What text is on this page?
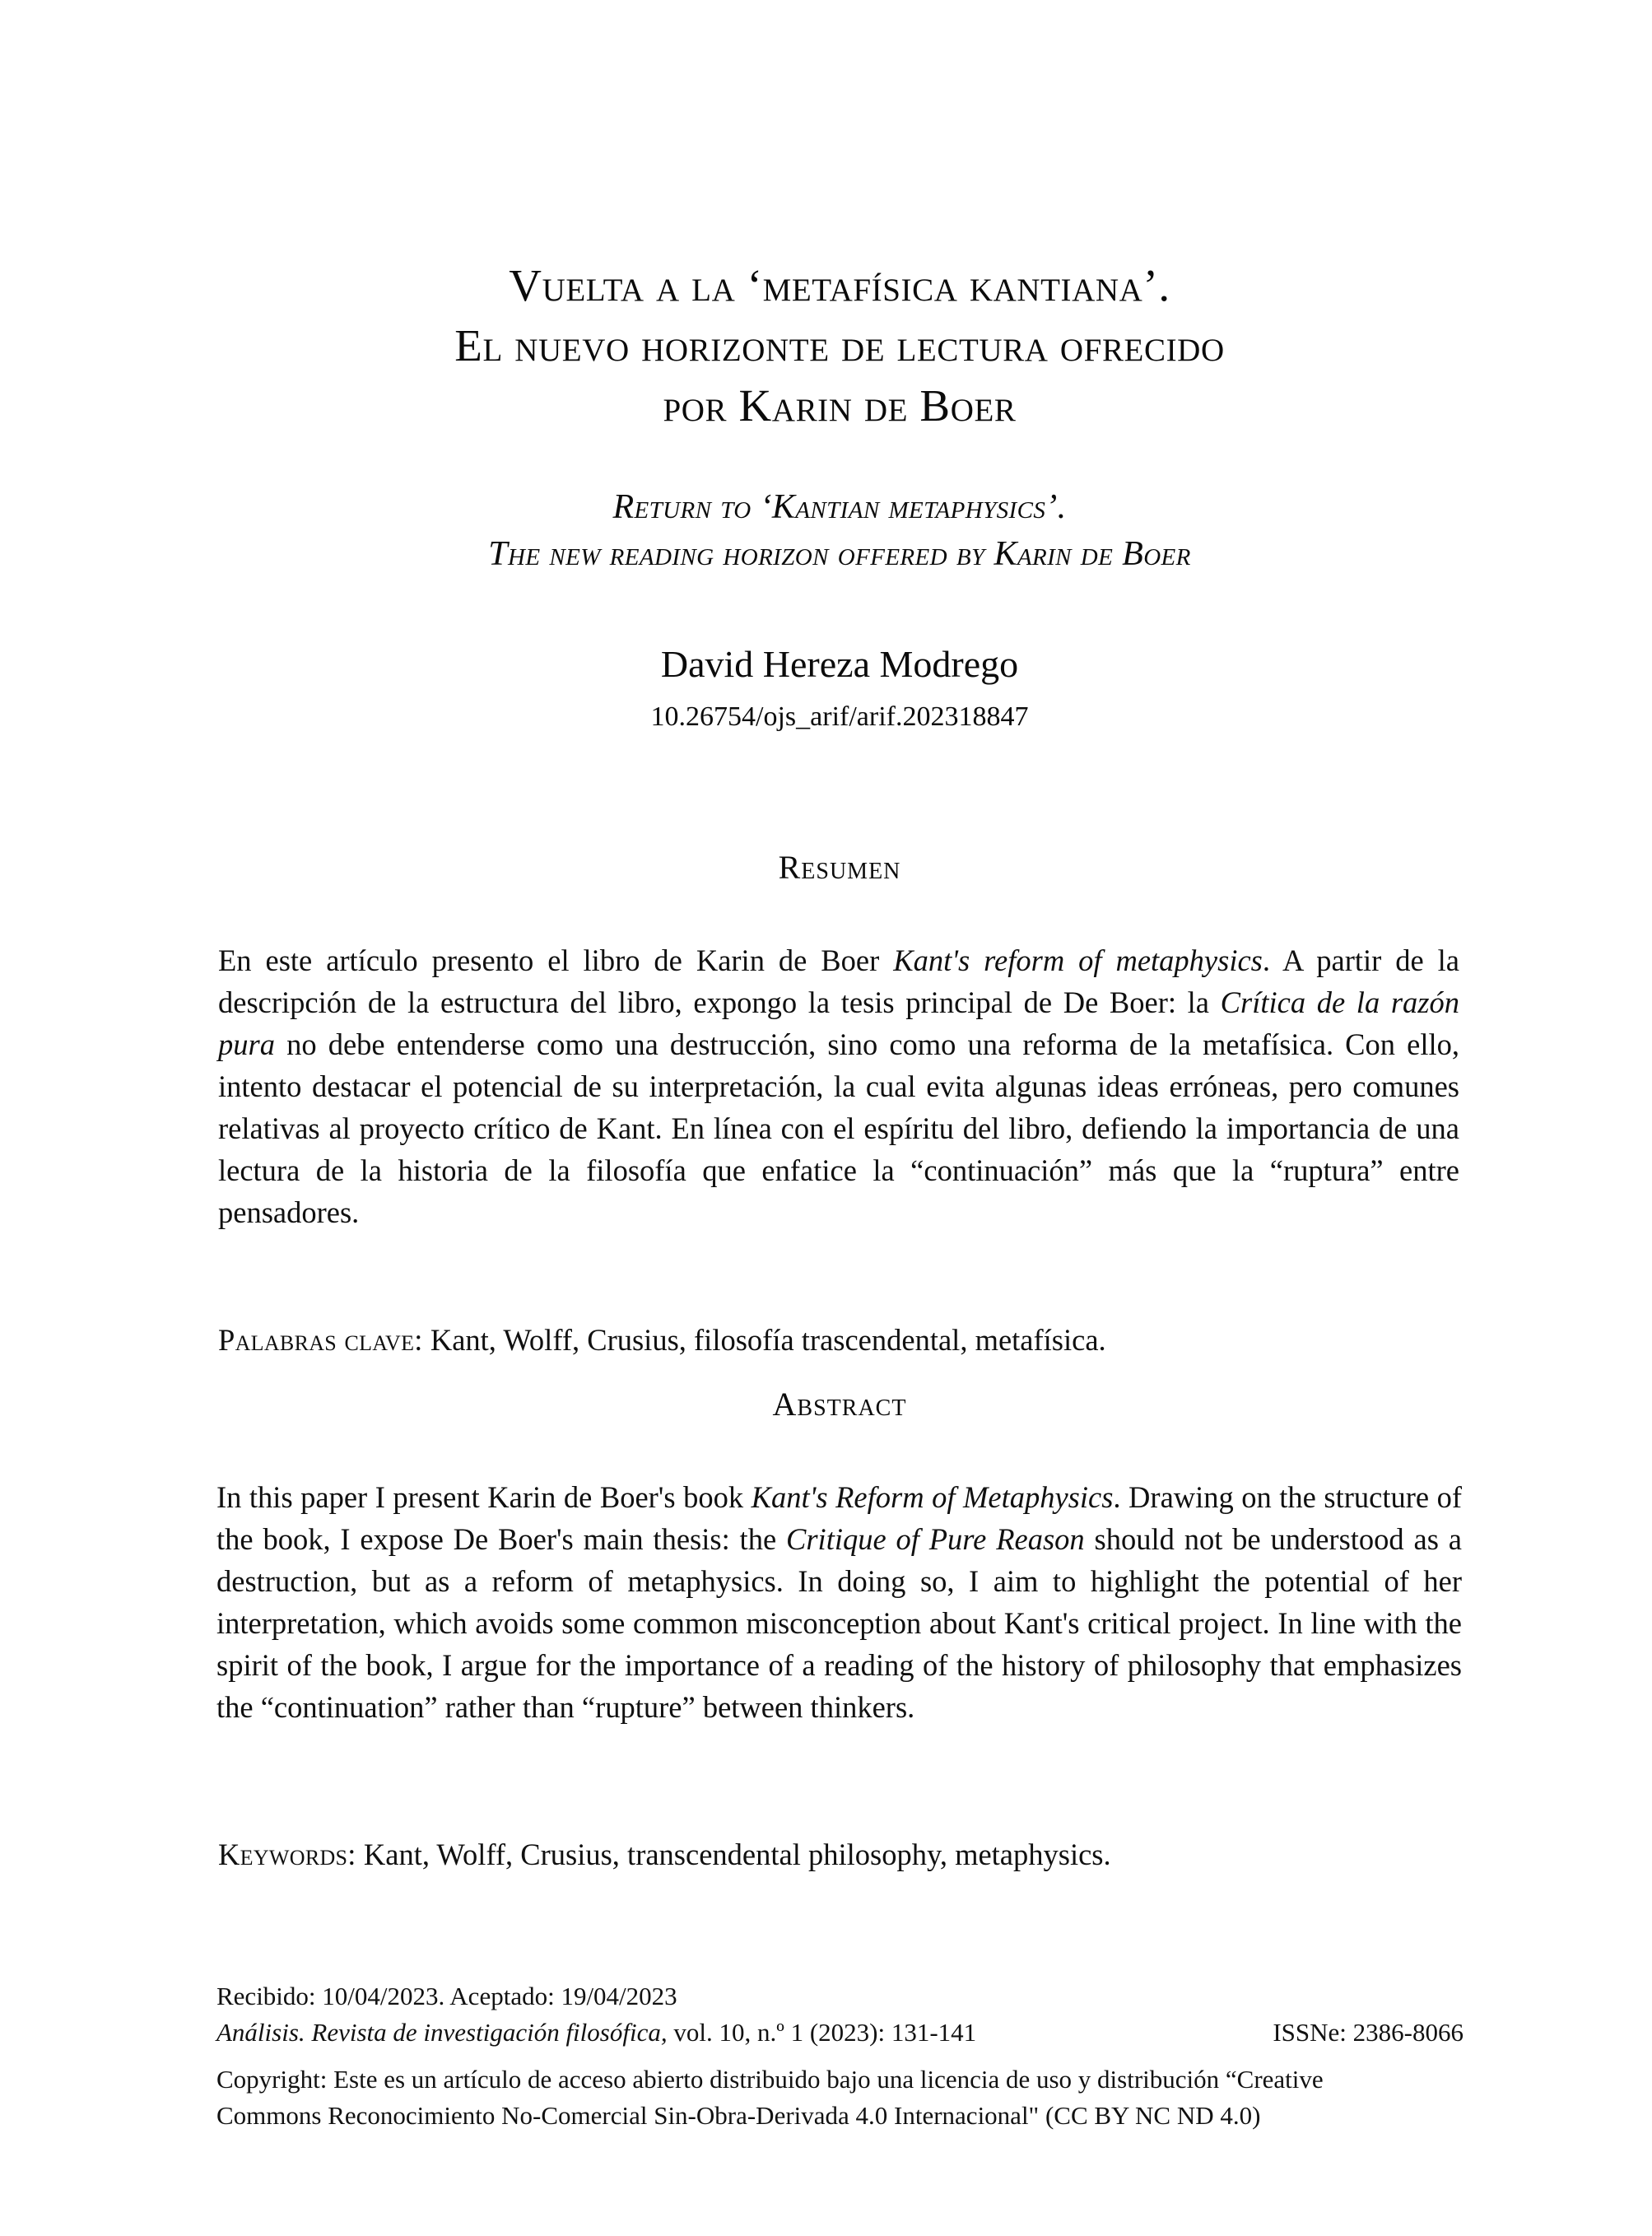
Vuelta a la ‘metafísica kantiana’.
El nuevo horizonte de lectura ofrecido
por Karin de Boer
Return to ‘Kantian metaphysics’.
The new reading horizon offered by Karin de Boer
David Hereza Modrego
10.26754/ojs_arif/arif.202318847
Resumen

En este artículo presento el libro de Karin de Boer Kant's reform of metaphysics. A partir de la descripción de la estructura del libro, expongo la tesis principal de De Boer: la Crítica de la razón pura no debe entenderse como una destrucción, sino como una reforma de la metafísica. Con ello, intento destacar el potencial de su interpretación, la cual evita algunas ideas erróneas, pero comunes relativas al proyecto crítico de Kant. En línea con el espíritu del libro, defiendo la importancia de una lectura de la historia de la filosofía que enfatice la “continuación” más que la “ruptura” entre pensadores.

Palabras clave: Kant, Wolff, Crusius, filosofía trascendental, metafísica.

Abstract

In this paper I present Karin de Boer's book Kant's Reform of Metaphysics. Drawing on the structure of the book, I expose De Boer's main thesis: the Critique of Pure Reason should not be understood as a destruction, but as a reform of metaphysics. In doing so, I aim to highlight the potential of her interpretation, which avoids some common misconception about Kant's critical project. In line with the spirit of the book, I argue for the importance of a reading of the history of philosophy that emphasizes the “continuation” rather than “rupture” between thinkers.

Keywords: Kant, Wolff, Crusius, transcendental philosophy, metaphysics.

Recibido: 10/04/2023. Aceptado: 19/04/2023
Análisis. Revista de investigación filosófica, vol. 10, n.º 1 (2023): 131-141	ISSNe: 2386-8066
Copyright: Este es un artículo de acceso abierto distribuido bajo una licencia de uso y distribución “Creative
Commons Reconocimiento No-Comercial Sin-Obra-Derivada 4.0 Internacional" (CC BY NC ND 4.0)
